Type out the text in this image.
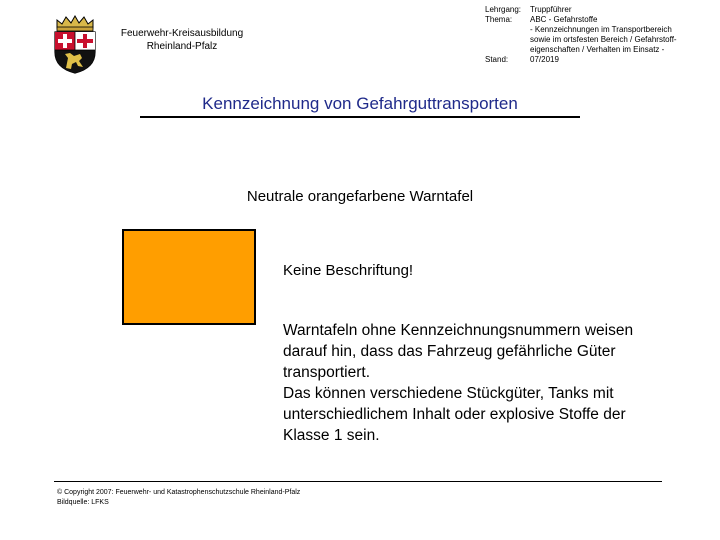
Feuerwehr-Kreisausbildung
Rheinland-Pfalz
Lehrgang:	Truppführer
Thema:	ABC - Gefahrstoffe
- Kennzeichnungen im Transportbereich
sowie im ortsfesten Bereich / Gefahrstoff-
eigenschaften / Verhalten im Einsatz -
Stand:	07/2019
Kennzeichnung von Gefahrguttransporten
Neutrale orangefarbene Warntafel
Keine Beschriftung!
Warntafeln ohne Kennzeichnungsnummern weisen
darauf hin, dass das Fahrzeug gefährliche Güter
transportiert.
Das können verschiedene Stückgüter, Tanks mit
unterschiedlichem Inhalt oder explosive Stoffe der
Klasse 1 sein.
© Copyright 2007: Feuerwehr- und Katastrophenschutzschule Rheinland-Pfalz
Bildquelle: LFKS
